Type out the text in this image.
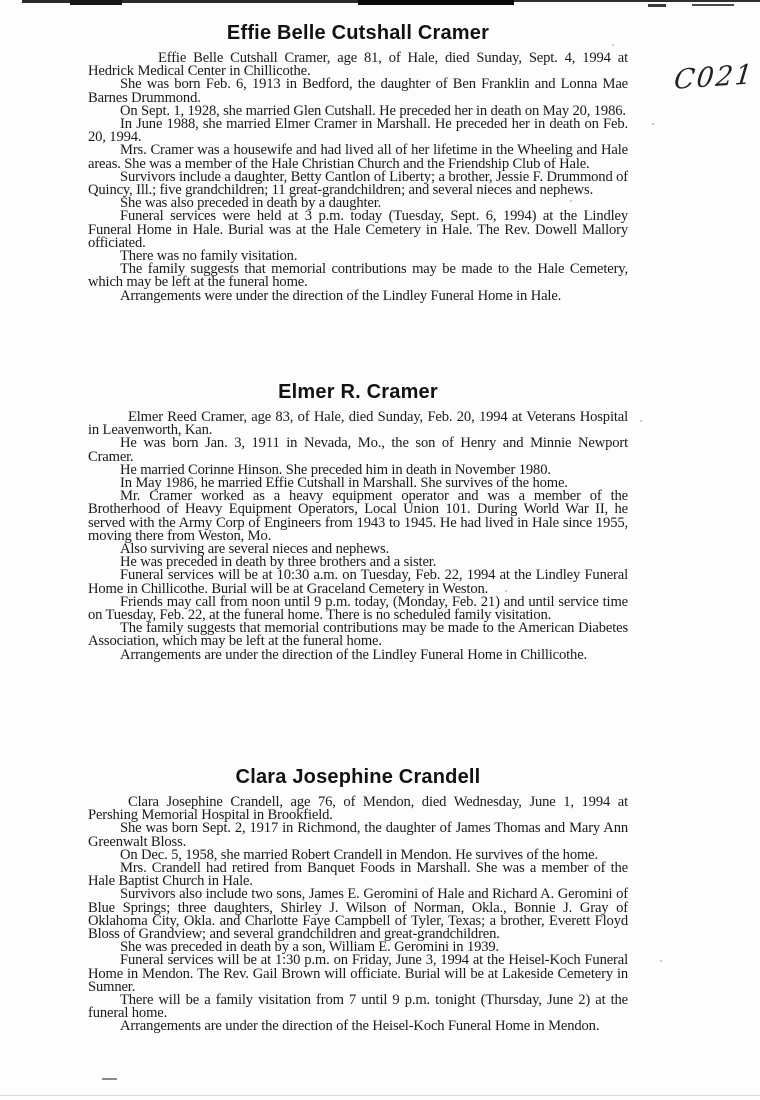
C021
Effie Belle Cutshall Cramer

Effie Belle Cutshall Cramer, age 81, of Hale, died Sunday, Sept. 4, 1994 at Hedrick Medical Center in Chillicothe.

She was born Feb. 6, 1913 in Bedford, the daughter of Ben Franklin and Lonna Mae Barnes Drummond.

On Sept. 1, 1928, she married Glen Cutshall. He preceded her in death on May 20, 1986.

In June 1988, she married Elmer Cramer in Marshall. He preceded her in death on Feb. 20, 1994.

Mrs. Cramer was a housewife and had lived all of her lifetime in the Wheeling and Hale areas. She was a member of the Hale Christian Church and the Friendship Club of Hale.

Survivors include a daughter, Betty Cantlon of Liberty; a brother, Jessie F. Drummond of Quincy, Ill.; five grandchildren; 11 great-grandchildren; and several nieces and nephews.

She was also preceded in death by a daughter.

Funeral services were held at 3 p.m. today (Tuesday, Sept. 6, 1994) at the Lindley Funeral Home in Hale. Burial was at the Hale Cemetery in Hale. The Rev. Dowell Mallory officiated.

There was no family visitation.

The family suggests that memorial contributions may be made to the Hale Cemetery, which may be left at the funeral home.

Arrangements were under the direction of the Lindley Funeral Home in Hale.

Elmer R. Cramer

Elmer Reed Cramer, age 83, of Hale, died Sunday, Feb. 20, 1994 at Veterans Hospital in Leavenworth, Kan.

He was born Jan. 3, 1911 in Nevada, Mo., the son of Henry and Minnie Newport Cramer.

He married Corinne Hinson. She preceded him in death in November 1980.

In May 1986, he married Effie Cutshall in Marshall. She survives of the home.

Mr. Cramer worked as a heavy equipment operator and was a member of the Brotherhood of Heavy Equipment Operators, Local Union 101. During World War II, he served with the Army Corp of Engineers from 1943 to 1945. He had lived in Hale since 1955, moving there from Weston, Mo.

Also surviving are several nieces and nephews.

He was preceded in death by three brothers and a sister.

Funeral services will be at 10:30 a.m. on Tuesday, Feb. 22, 1994 at the Lindley Funeral Home in Chillicothe. Burial will be at Graceland Cemetery in Weston.

Friends may call from noon until 9 p.m. today, (Monday, Feb. 21) and until service time on Tuesday, Feb. 22, at the funeral home. There is no scheduled family visitation.

The family suggests that memorial contributions may be made to the American Diabetes Association, which may be left at the funeral home.

Arrangements are under the direction of the Lindley Funeral Home in Chillicothe.

Clara Josephine Crandell

Clara Josephine Crandell, age 76, of Mendon, died Wednesday, June 1, 1994 at Pershing Memorial Hospital in Brookfield.

She was born Sept. 2, 1917 in Richmond, the daughter of James Thomas and Mary Ann Greenwalt Bloss.

On Dec. 5, 1958, she married Robert Crandell in Mendon. He survives of the home.

Mrs. Crandell had retired from Banquet Foods in Marshall. She was a member of the Hale Baptist Church in Hale.

Survivors also include two sons, James E. Geromini of Hale and Richard A. Geromini of Blue Springs; three daughters, Shirley J. Wilson of Norman, Okla., Bonnie J. Gray of Oklahoma City, Okla. and Charlotte Faye Campbell of Tyler, Texas; a brother, Everett Floyd Bloss of Grandview; and several grandchildren and great-grandchildren.

She was preceded in death by a son, William E. Geromini in 1939.

Funeral services will be at 1:30 p.m. on Friday, June 3, 1994 at the Heisel-Koch Funeral Home in Mendon. The Rev. Gail Brown will officiate. Burial will be at Lakeside Cemetery in Sumner.

There will be a family visitation from 7 until 9 p.m. tonight (Thursday, June 2) at the funeral home.

Arrangements are under the direction of the Heisel-Koch Funeral Home in Mendon.
